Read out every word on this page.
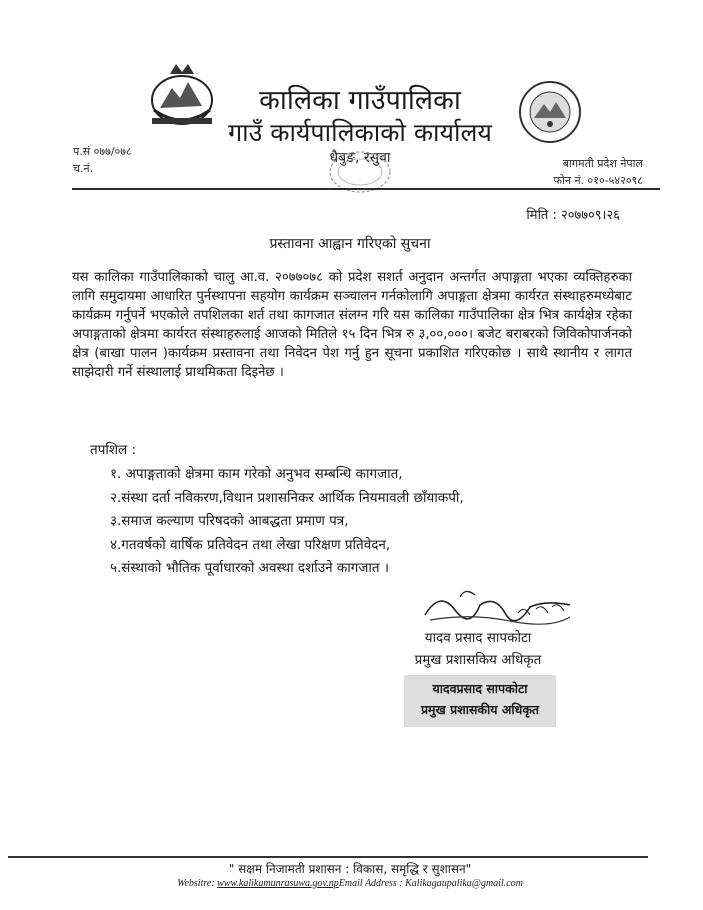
कालिका गाउँपालिका
गाउँ कार्यपालिकाको कार्यालय
धैबुङ, रसुवा
प.सं ०७७/०७८
च.नं.	बागमती प्रदेश नेपाल
फोन नं. ०१०-५४२०९८
मिति : २०७७०९।२६
प्रस्तावना आह्वान गरिएको सुचना
यस कालिका गाउँपालिकाको चालु आ.व. २०७७०७८ को प्रदेश सशर्त अनुदान अन्तर्गत अपाङ्गता भएका व्यक्तिहरुका लागि समुदायमा आधारित पुर्नस्थापना सहयोग कार्यक्रम सञ्चालन गर्नकोलागि अपाङ्गता क्षेत्रमा कार्यरत संस्थाहरुमध्येबाट कार्यक्रम गर्नुपर्ने भएकोले तपशिलका शर्त तथा कागजात संलग्न गरि यस कालिका गाउँपालिका क्षेत्र भित्र कार्यक्षेत्र रहेका अपाङ्गताको क्षेत्रमा कार्यरत संस्थाहरुलाई आजको मितिले १५ दिन भित्र रु ३,००,०००। बजेट बराबरको जिविकोपार्जनको क्षेत्र (बाखा पालन )कार्यक्रम प्रस्तावना तथा निवेदन पेश गर्नु हुन सूचना प्रकाशित गरिएकोछ । साथै स्थानीय र लागत साझेदारी गर्ने संस्थालाई प्राथमिकता दिइनेछ ।
तपशिल :
१. अपाङ्गताको क्षेत्रमा काम गरेको अनुभव सम्बन्धि कागजात,
२.संस्था दर्ता नविकरण,विधान प्रशासनिकर आर्थिक नियमावली छाँयाकपी,
३.समाज कल्याण परिषदको आबद्धता प्रमाण पत्र,
४.गतवर्षको वार्षिक प्रतिवेदन तथा लेखा परिक्षण प्रतिवेदन,
५.संस्थाको भौतिक पूर्वाधारको अवस्था दर्शाउने कागजात ।
यादव प्रसाद सापकोटा
प्रमुख प्रशासकिय अधिकृत
यादवप्रसाद सापकोटा
प्रमुख प्रशासकीय अधिकृत
" सक्षम निजामती प्रशासन : विकास, समृद्धि र सुशासन"
Websitre: www.kalikamunrasuwa.gov.npEmail Address : Kalikagaupalika@gmail.com
